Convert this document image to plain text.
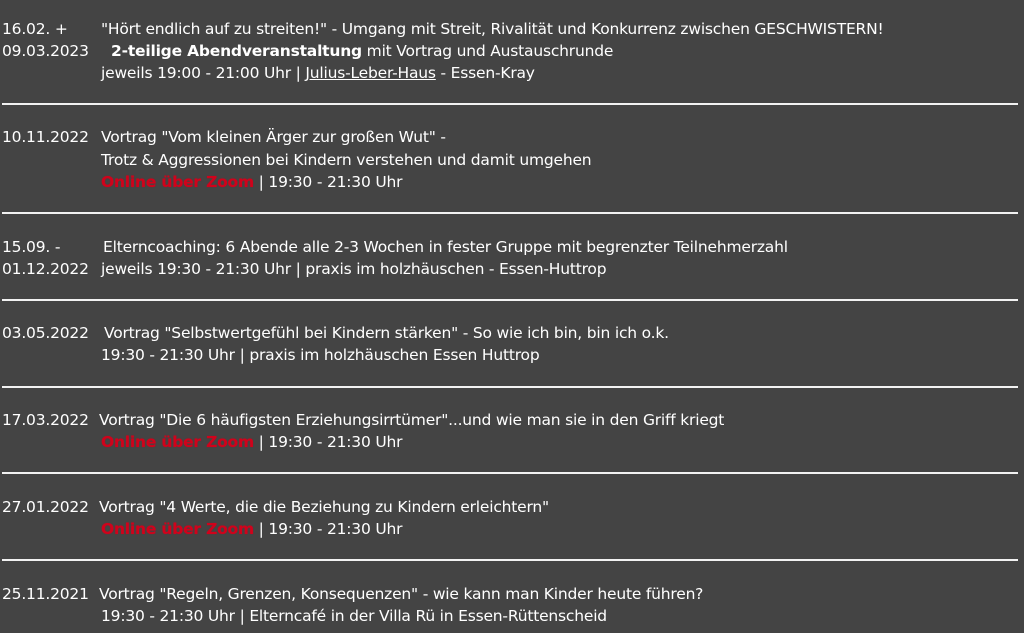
16.02. +
09.03.2023
"Hört endlich auf zu streiten!" - Umgang mit Streit, Rivalität und Konkurrenz zwischen GESCHWISTERN!
2-teilige Abendveranstaltung mit Vortrag und Austauschrunde
jeweils 19:00 - 21:00 Uhr | Julius-Leber-Haus - Essen-Kray
10.11.2022 Vortrag "Vom kleinen Ärger zur großen Wut" -
Trotz & Aggressionen bei Kindern verstehen und damit umgehen
Online über Zoom | 19:30 - 21:30 Uhr
15.09. -
01.12.2022
Elterncoaching: 6 Abende alle 2-3 Wochen in fester Gruppe mit begrenzter Teilnehmerzahl
jeweils 19:30 - 21:30 Uhr | praxis im holzhäuschen - Essen-Huttrop
03.05.2022 Vortrag "Selbstwertgefühl bei Kindern stärken" - So wie ich bin, bin ich o.k.
19:30 - 21:30 Uhr | praxis im holzhäuschen Essen Huttrop
17.03.2022 Vortrag "Die 6 häufigsten Erziehungsirrtümer"...und wie man sie in den Griff kriegt
Online über Zoom | 19:30 - 21:30 Uhr
27.01.2022 Vortrag "4 Werte, die die Beziehung zu Kindern erleichtern"
Online über Zoom | 19:30 - 21:30 Uhr
25.11.2021 Vortrag "Regeln, Grenzen, Konsequenzen" - wie kann man Kinder heute führen?
19:30 - 21:30 Uhr | Elterncafé in der Villa Rü in Essen-Rüttenscheid
